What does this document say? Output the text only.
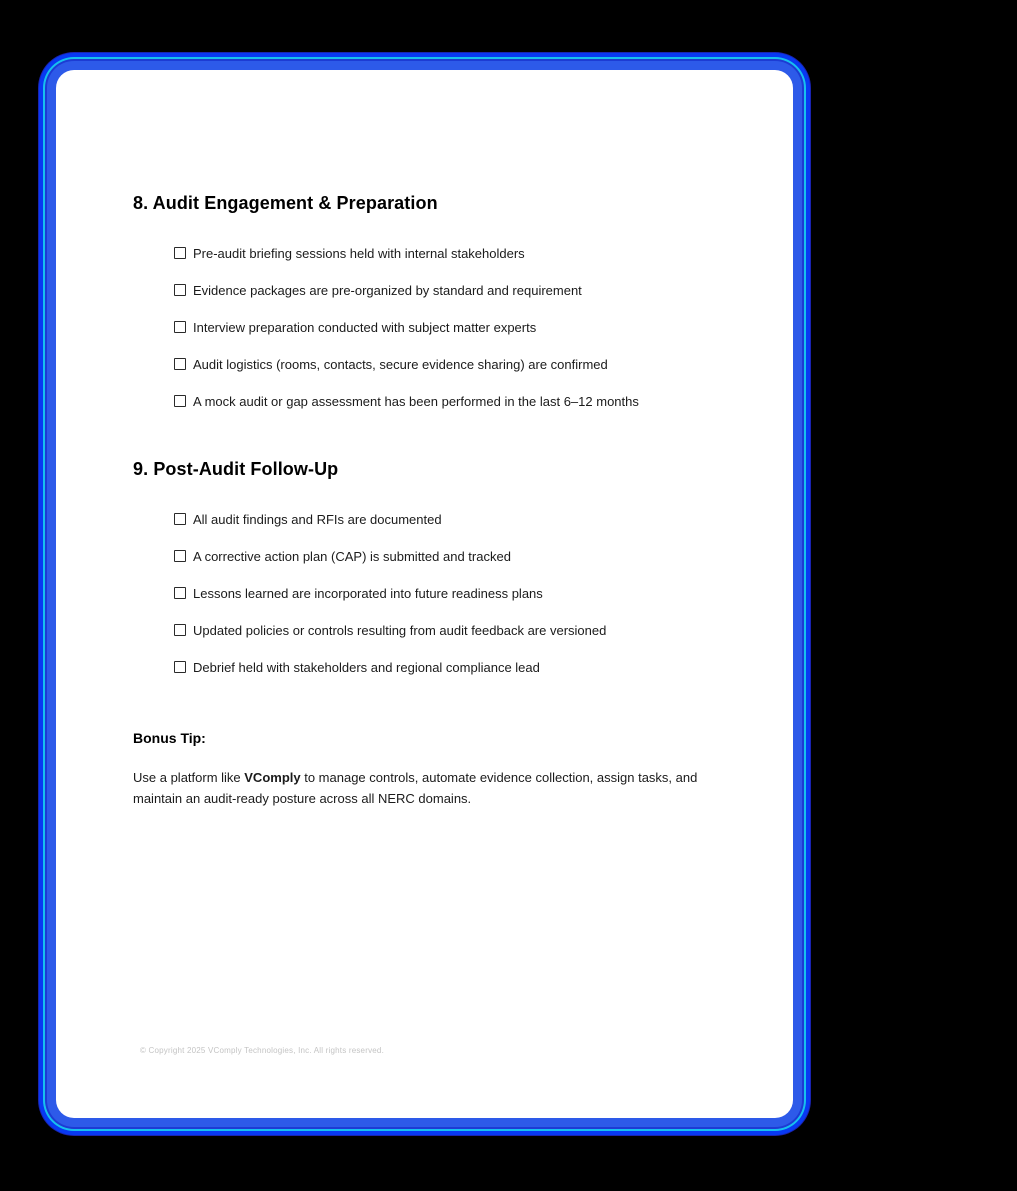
8. Audit Engagement & Preparation
Pre-audit briefing sessions held with internal stakeholders
Evidence packages are pre-organized by standard and requirement
Interview preparation conducted with subject matter experts
Audit logistics (rooms, contacts, secure evidence sharing) are confirmed
A mock audit or gap assessment has been performed in the last 6–12 months
9. Post-Audit Follow-Up
All audit findings and RFIs are documented
A corrective action plan (CAP) is submitted and tracked
Lessons learned are incorporated into future readiness plans
Updated policies or controls resulting from audit feedback are versioned
Debrief held with stakeholders and regional compliance lead
Bonus Tip:

Use a platform like VComply to manage controls, automate evidence collection, assign tasks, and maintain an audit-ready posture across all NERC domains.

© Copyright 2025 VComply Technologies, Inc. All rights reserved.
